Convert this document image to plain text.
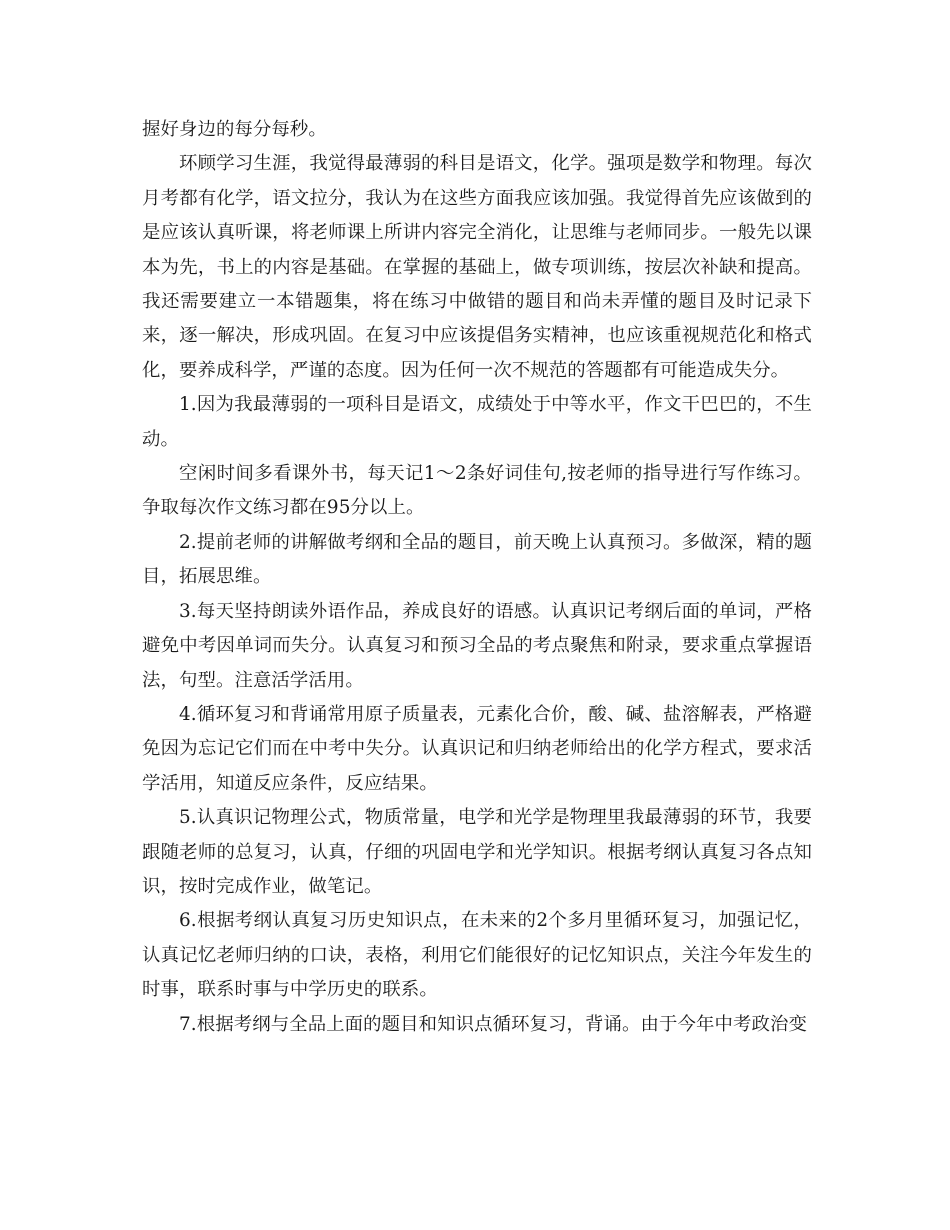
握好身边的每分每秒。

环顾学习生涯，我觉得最薄弱的科目是语文，化学。强项是数学和物理。每次月考都有化学，语文拉分，我认为在这些方面我应该加强。我觉得首先应该做到的是应该认真听课，将老师课上所讲内容完全消化，让思维与老师同步。一般先以课本为先，书上的内容是基础。在掌握的基础上，做专项训练，按层次补缺和提高。我还需要建立一本错题集，将在练习中做错的题目和尚未弄懂的题目及时记录下来，逐一解决，形成巩固。在复习中应该提倡务实精神，也应该重视规范化和格式化，要养成科学，严谨的态度。因为任何一次不规范的答题都有可能造成失分。

1.因为我最薄弱的一项科目是语文，成绩处于中等水平，作文干巴巴的，不生动。

空闲时间多看课外书，每天记1～2条好词佳句,按老师的指导进行写作练习。争取每次作文练习都在95分以上。

2.提前老师的讲解做考纲和全品的题目，前天晚上认真预习。多做深，精的题目，拓展思维。

3.每天坚持朗读外语作品，养成良好的语感。认真识记考纲后面的单词，严格避免中考因单词而失分。认真复习和预习全品的考点聚焦和附录，要求重点掌握语法，句型。注意活学活用。

4.循环复习和背诵常用原子质量表，元素化合价，酸、碱、盐溶解表，严格避免因为忘记它们而在中考中失分。认真识记和归纳老师给出的化学方程式，要求活学活用，知道反应条件，反应结果。

5.认真识记物理公式，物质常量，电学和光学是物理里我最薄弱的环节，我要跟随老师的总复习，认真，仔细的巩固电学和光学知识。根据考纲认真复习各点知识，按时完成作业，做笔记。

6.根据考纲认真复习历史知识点，在未来的2个多月里循环复习，加强记忆，认真记忆老师归纳的口诀，表格，利用它们能很好的记忆知识点，关注今年发生的时事，联系时事与中学历史的联系。

7.根据考纲与全品上面的题目和知识点循环复习，背诵。由于今年中考政治变
